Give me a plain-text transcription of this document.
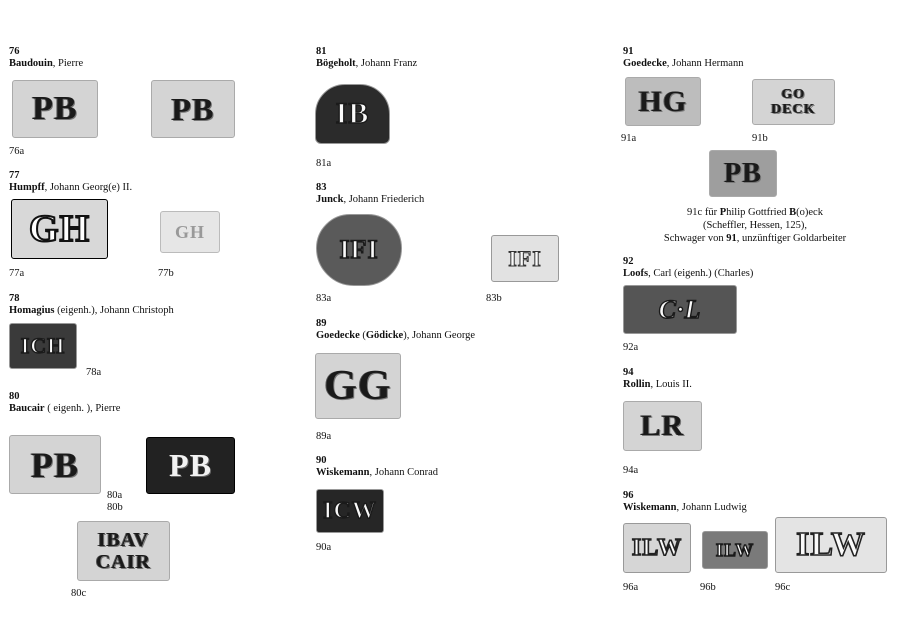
76
Baudouin, Pierre
PB	PB
76a
77
Humpff, Johann Georg(e) II.
GH	GH
77a	77b
78
Homagius (eigenh.), Johann Christoph
ICH
78a
80
Baucair ( eigenh. ), Pierre
PB	PB
80a
80b
IBAV
CAIR
80c
81
Bögeholt, Johann Franz
IB
81a
83
Junck, Johann Friederich
IFI	IFI
83a	83b
89
Goedecke (Gödicke), Johann George
GG
89a
90
Wiskemann, Johann Conrad
ICW
90a
91
Goedecke, Johann Hermann
HG	GO
DECK
91a	91b
PB
91c für Philip Gottfried B(o)eck
(Scheffler, Hessen, 125),
Schwager von 91, unzünftiger Goldarbeiter
92
Loofs, Carl (eigenh.) (Charles)
C·L
92a
94
Rollin, Louis II.
LR
94a
96
Wiskemann, Johann Ludwig
ILW	ILW	ILW
96a	96b	96c
